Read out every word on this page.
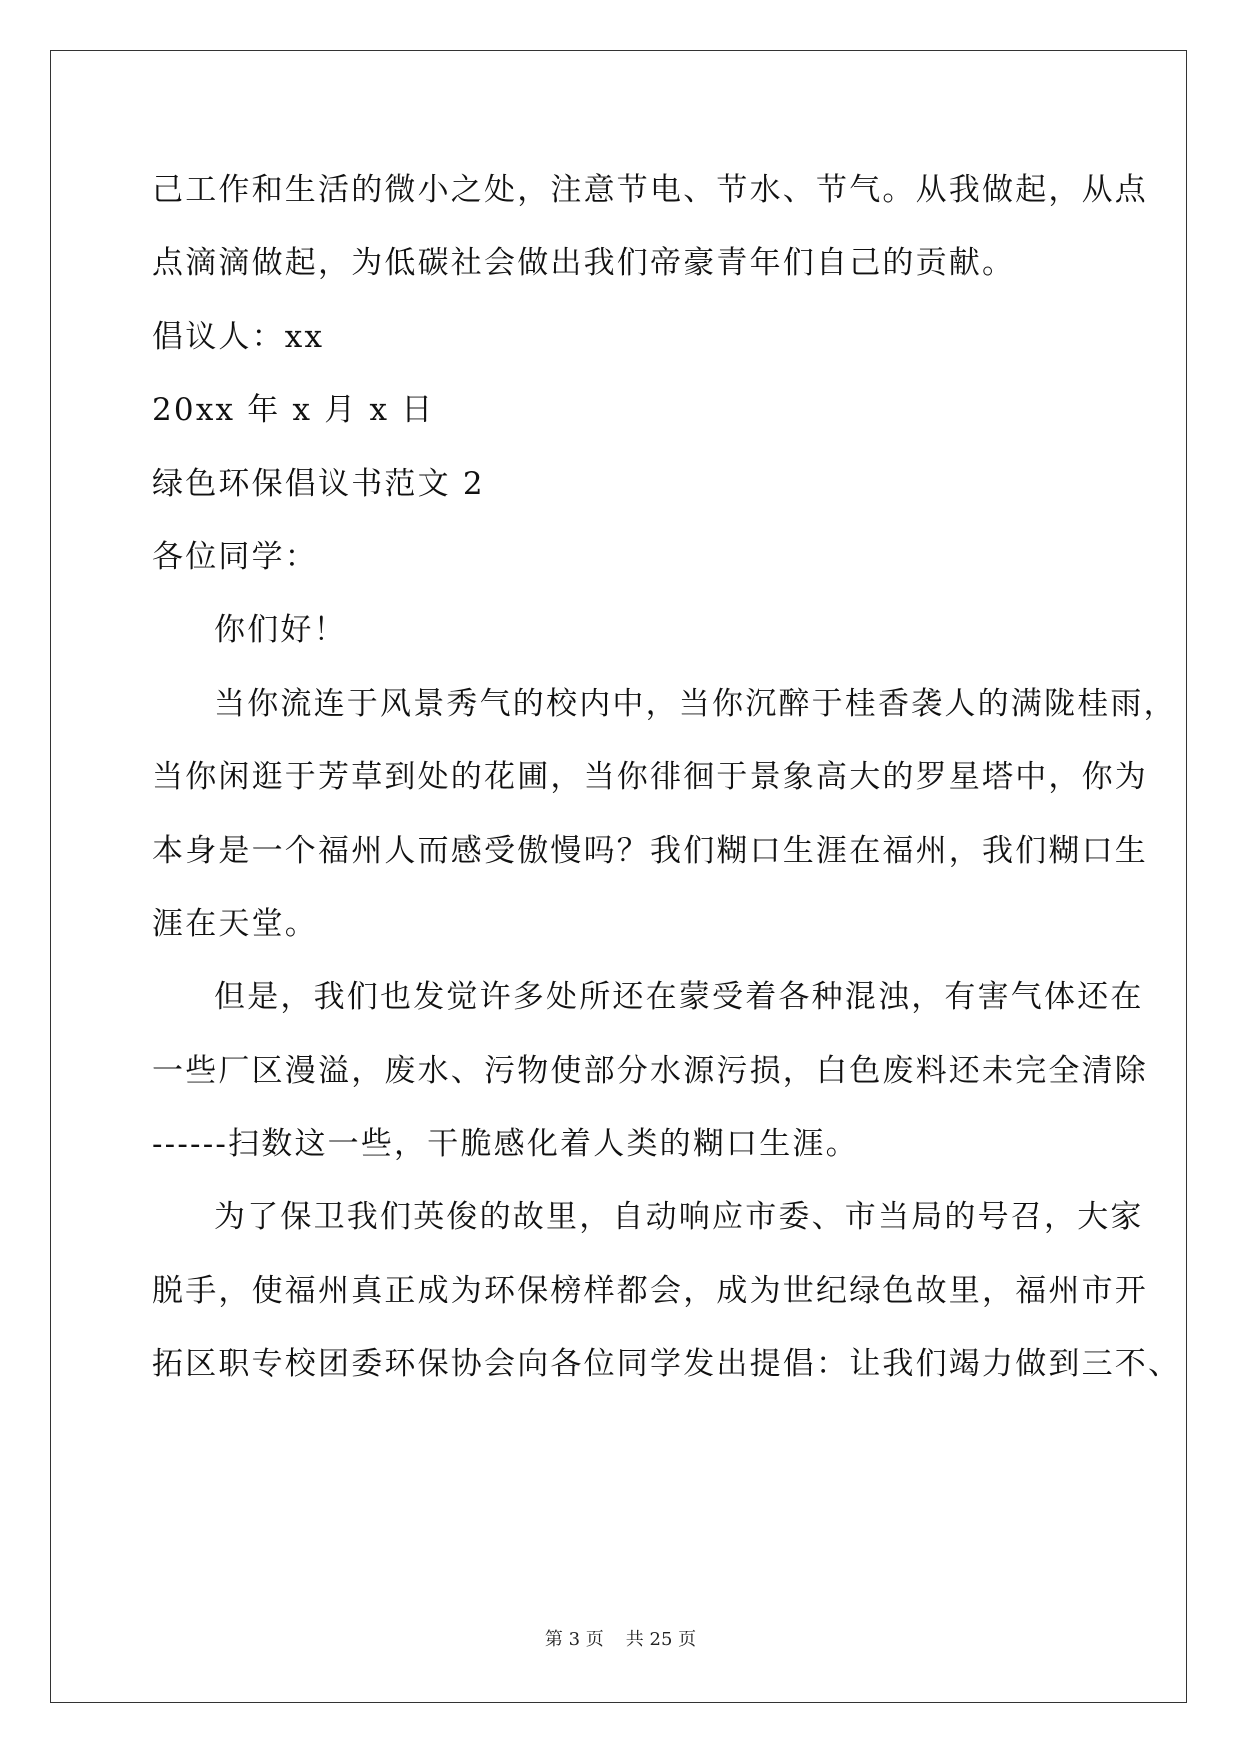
己工作和生活的微小之处，注意节电、节水、节气。从我做起，从点
点滴滴做起，为低碳社会做出我们帝豪青年们自己的贡献。
倡议人：xx
20xx 年 x 月 x 日
绿色环保倡议书范文 2
各位同学：
你们好！
当你流连于风景秀气的校内中，当你沉醉于桂香袭人的满陇桂雨，
当你闲逛于芳草到处的花圃，当你徘徊于景象高大的罗星塔中，你为
本身是一个福州人而感受傲慢吗？我们糊口生涯在福州，我们糊口生
涯在天堂。
但是，我们也发觉许多处所还在蒙受着各种混浊，有害气体还在
一些厂区漫溢，废水、污物使部分水源污损，白色废料还未完全清除
------扫数这一些，干脆感化着人类的糊口生涯。
为了保卫我们英俊的故里，自动响应市委、市当局的号召，大家
脱手，使福州真正成为环保榜样都会，成为世纪绿色故里，福州市开
拓区职专校团委环保协会向各位同学发出提倡：让我们竭力做到三不、
第 3 页 共 25 页
